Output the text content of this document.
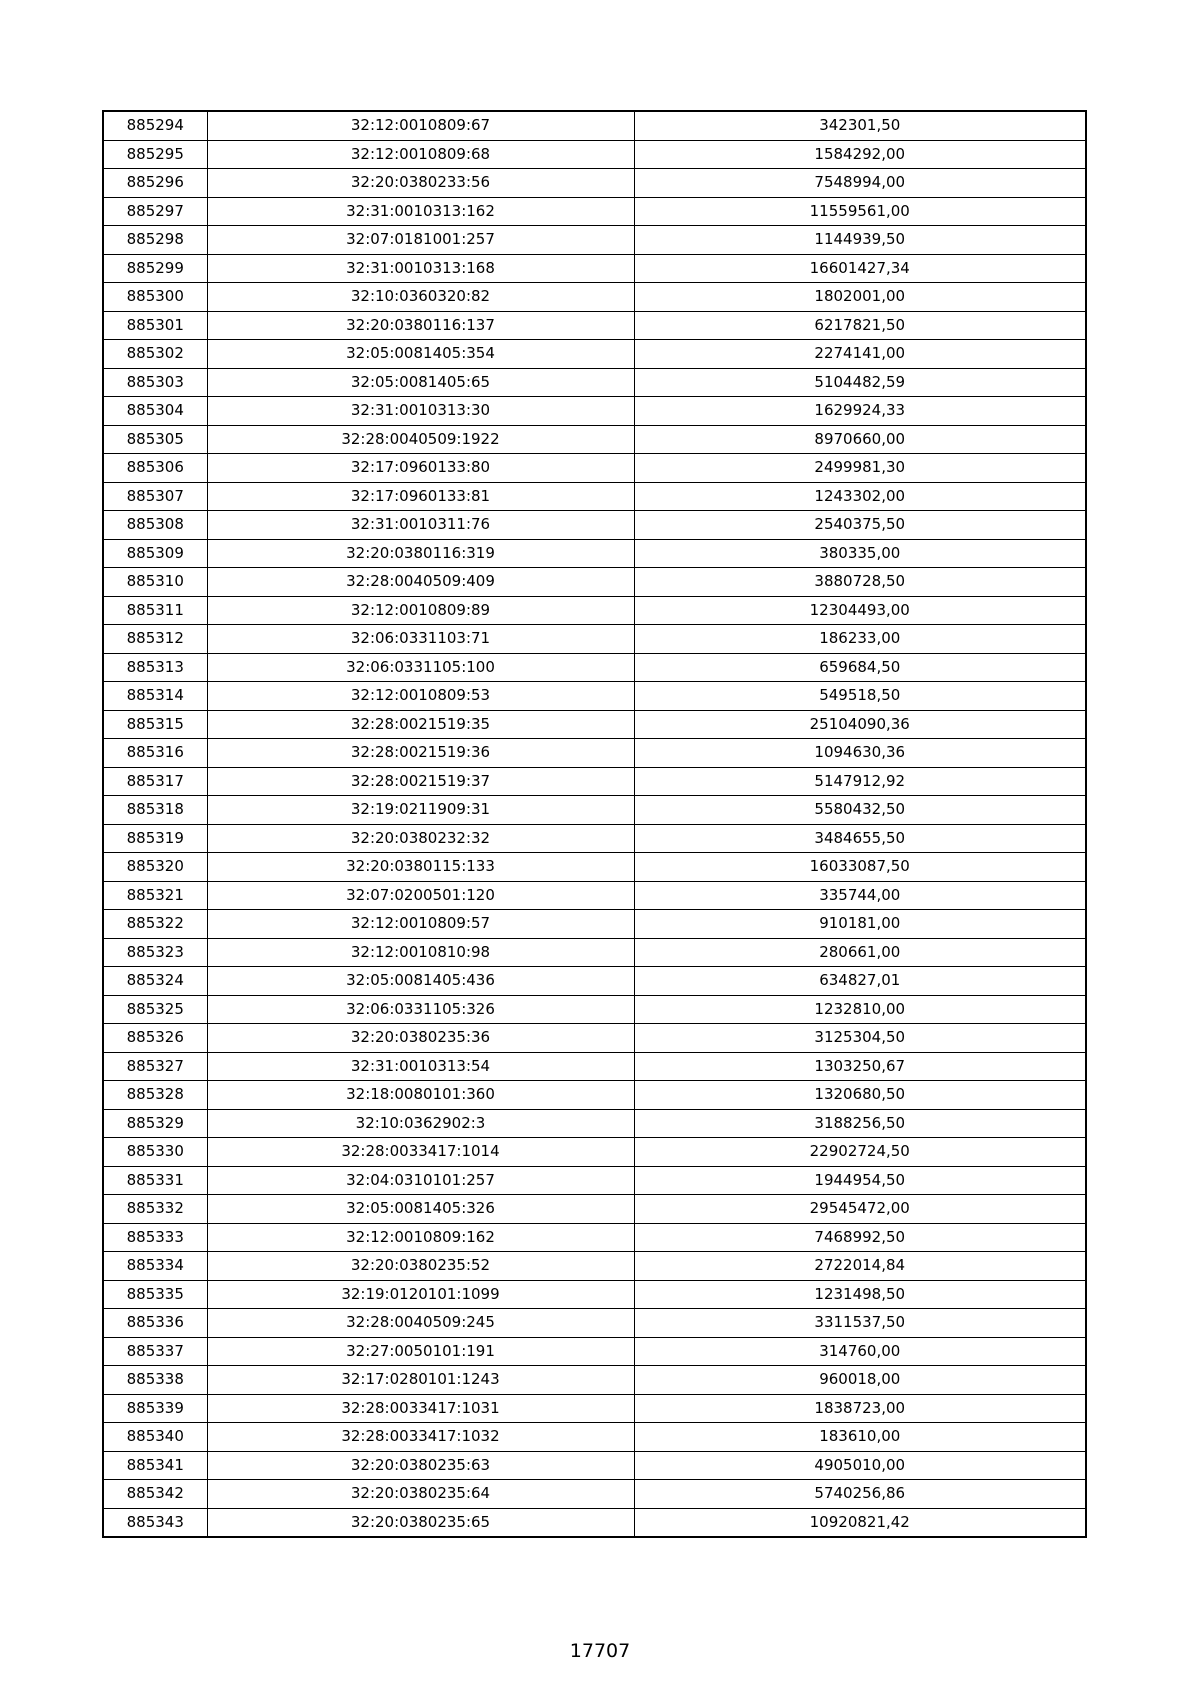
885294	32:12:0010809:67	342301,50
885295	32:12:0010809:68	1584292,00
885296	32:20:0380233:56	7548994,00
885297	32:31:0010313:162	11559561,00
885298	32:07:0181001:257	1144939,50
885299	32:31:0010313:168	16601427,34
885300	32:10:0360320:82	1802001,00
885301	32:20:0380116:137	6217821,50
885302	32:05:0081405:354	2274141,00
885303	32:05:0081405:65	5104482,59
885304	32:31:0010313:30	1629924,33
885305	32:28:0040509:1922	8970660,00
885306	32:17:0960133:80	2499981,30
885307	32:17:0960133:81	1243302,00
885308	32:31:0010311:76	2540375,50
885309	32:20:0380116:319	380335,00
885310	32:28:0040509:409	3880728,50
885311	32:12:0010809:89	12304493,00
885312	32:06:0331103:71	186233,00
885313	32:06:0331105:100	659684,50
885314	32:12:0010809:53	549518,50
885315	32:28:0021519:35	25104090,36
885316	32:28:0021519:36	1094630,36
885317	32:28:0021519:37	5147912,92
885318	32:19:0211909:31	5580432,50
885319	32:20:0380232:32	3484655,50
885320	32:20:0380115:133	16033087,50
885321	32:07:0200501:120	335744,00
885322	32:12:0010809:57	910181,00
885323	32:12:0010810:98	280661,00
885324	32:05:0081405:436	634827,01
885325	32:06:0331105:326	1232810,00
885326	32:20:0380235:36	3125304,50
885327	32:31:0010313:54	1303250,67
885328	32:18:0080101:360	1320680,50
885329	32:10:0362902:3	3188256,50
885330	32:28:0033417:1014	22902724,50
885331	32:04:0310101:257	1944954,50
885332	32:05:0081405:326	29545472,00
885333	32:12:0010809:162	7468992,50
885334	32:20:0380235:52	2722014,84
885335	32:19:0120101:1099	1231498,50
885336	32:28:0040509:245	3311537,50
885337	32:27:0050101:191	314760,00
885338	32:17:0280101:1243	960018,00
885339	32:28:0033417:1031	1838723,00
885340	32:28:0033417:1032	183610,00
885341	32:20:0380235:63	4905010,00
885342	32:20:0380235:64	5740256,86
885343	32:20:0380235:65	10920821,42
17707
